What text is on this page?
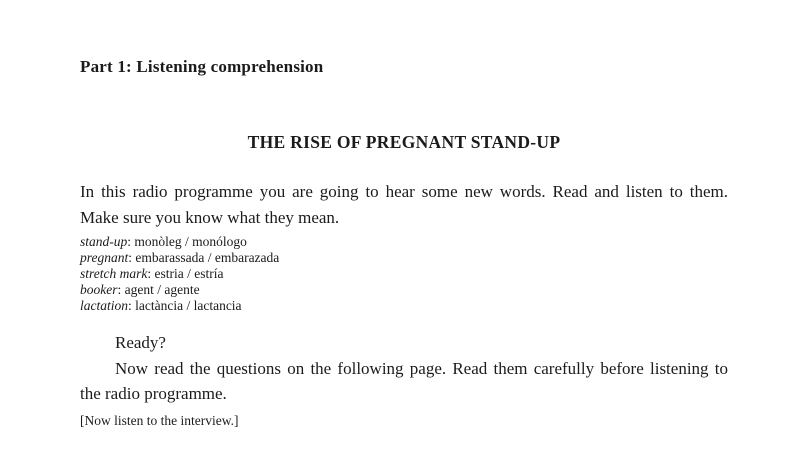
Part 1: Listening comprehension
THE RISE OF PREGNANT STAND-UP
In this radio programme you are going to hear some new words. Read and listen to them.
Make sure you know what they mean.
stand-up: monòleg / monólogo
pregnant: embarassada / embarazada
stretch mark: estria / estría
booker: agent / agente
lactation: lactància / lactancia
Ready?
Now read the questions on the following page. Read them carefully before listening to
the radio programme.
[Now listen to the interview.]
